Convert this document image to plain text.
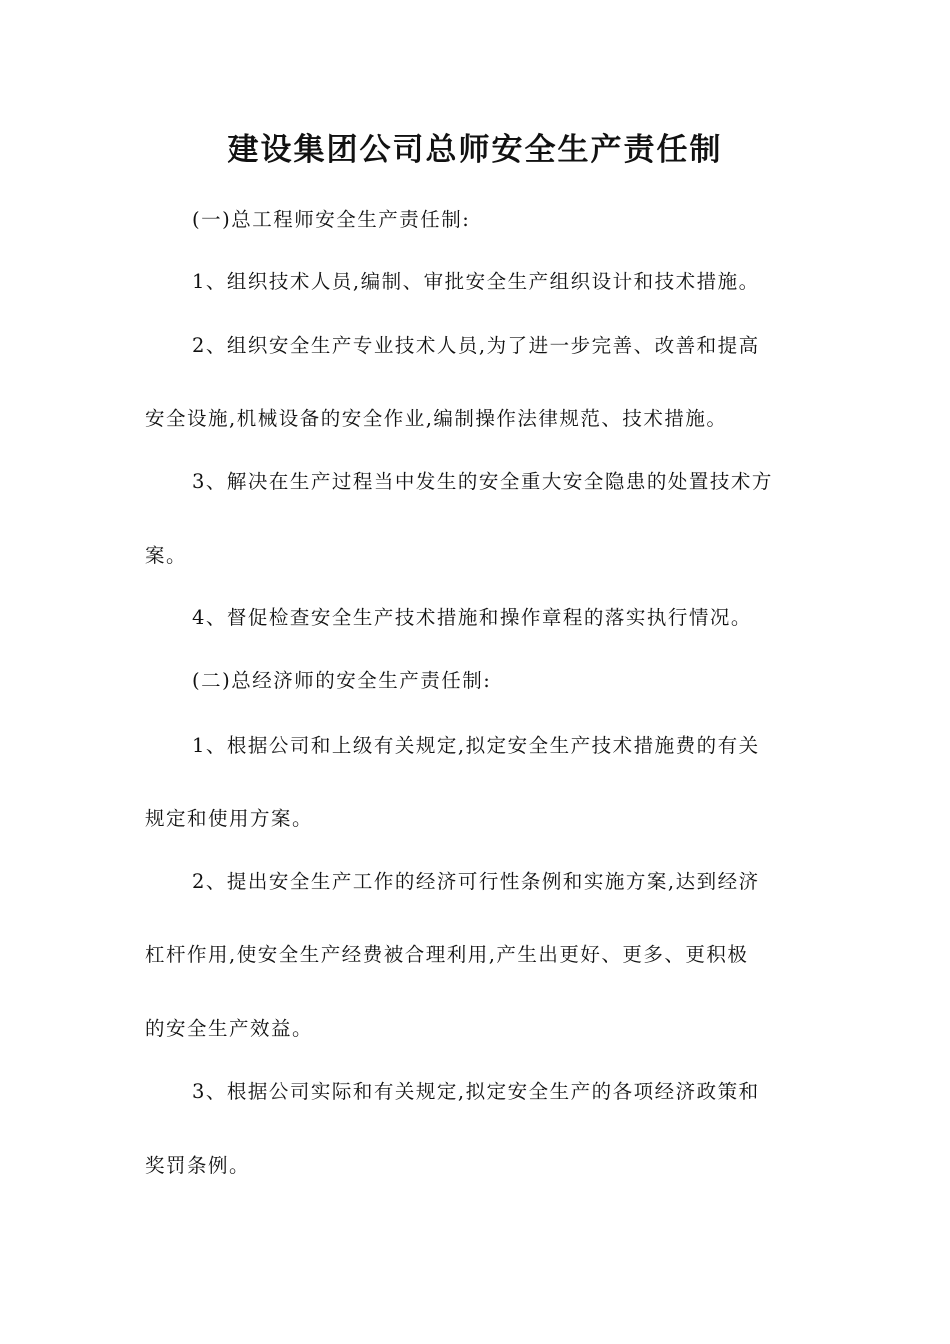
建设集团公司总师安全生产责任制

(一)总工程师安全生产责任制:

1、组织技术人员,编制、审批安全生产组织设计和技术措施。

2、组织安全生产专业技术人员,为了进一步完善、改善和提高

安全设施,机械设备的安全作业,编制操作法律规范、技术措施。

3、解决在生产过程当中发生的安全重大安全隐患的处置技术方

案。

4、督促检查安全生产技术措施和操作章程的落实执行情况。

(二)总经济师的安全生产责任制:

1、根据公司和上级有关规定,拟定安全生产技术措施费的有关

规定和使用方案。

2、提出安全生产工作的经济可行性条例和实施方案,达到经济

杠杆作用,使安全生产经费被合理利用,产生出更好、更多、更积极

的安全生产效益。

3、根据公司实际和有关规定,拟定安全生产的各项经济政策和

奖罚条例。
